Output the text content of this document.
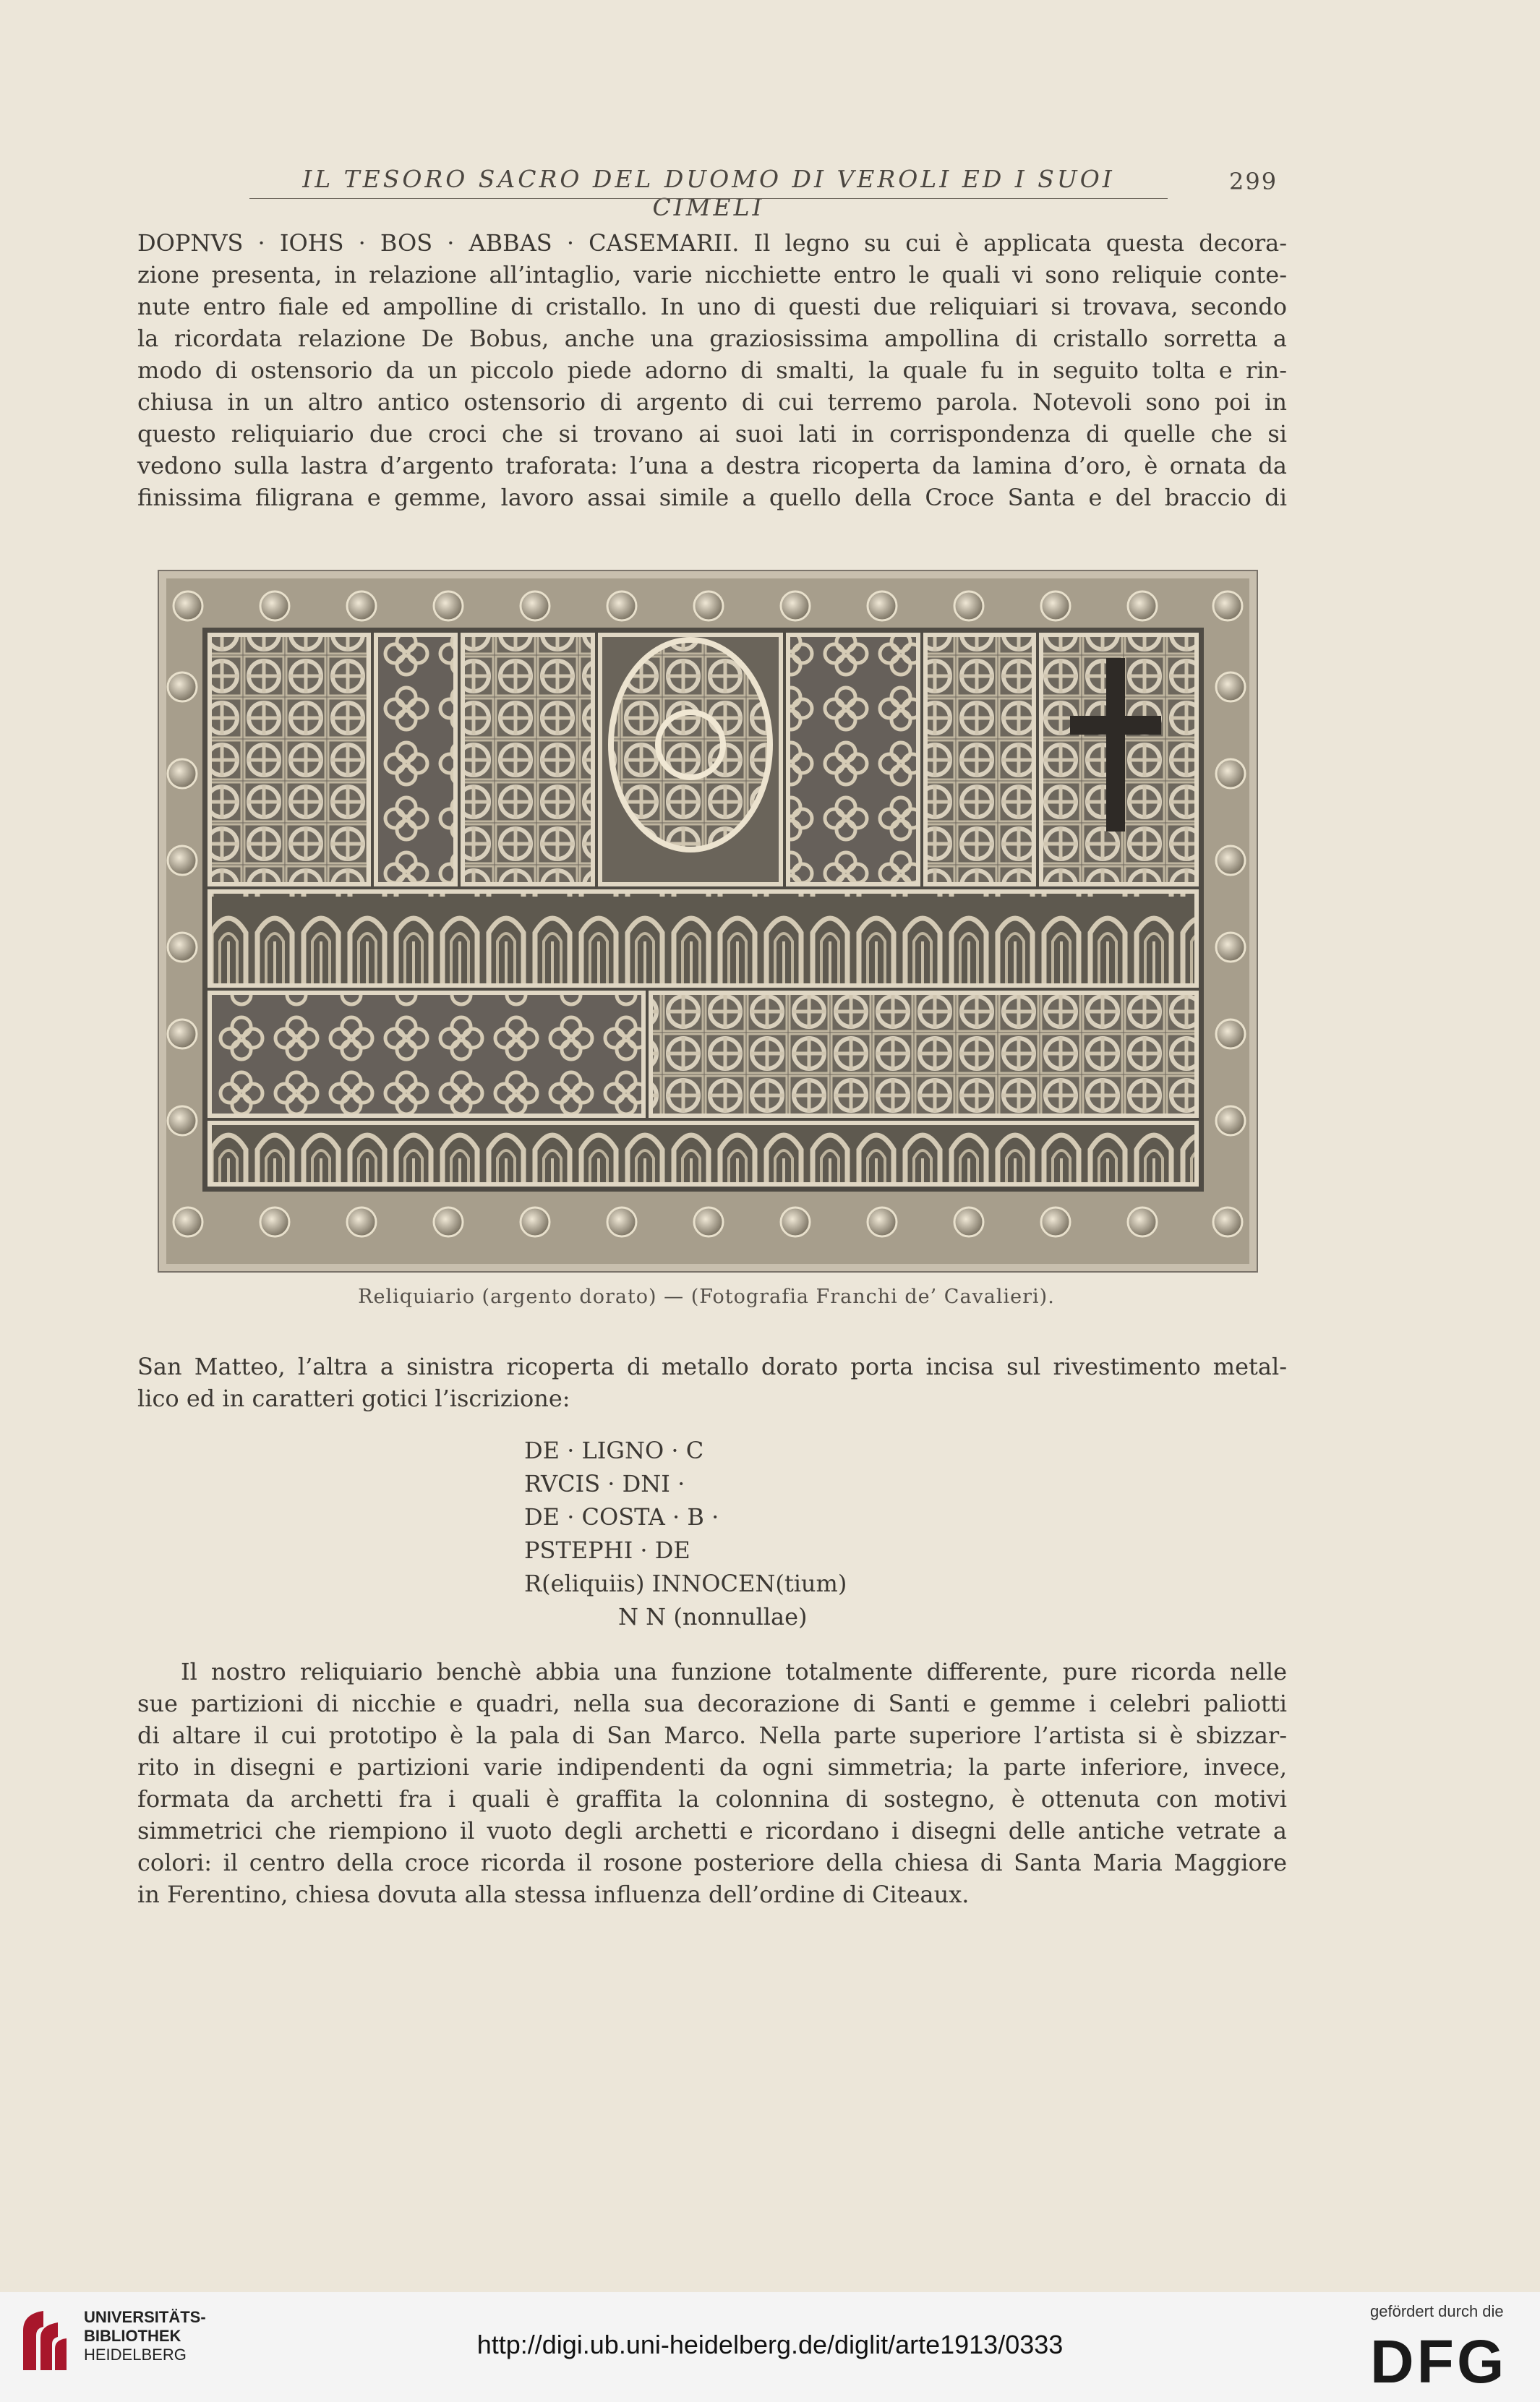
IL TESORO SACRO DEL DUOMO DI VEROLI ED I SUOI CIMELI
299
DOPNVS · IOHS · BOS · ABBAS · CASEMARII. Il legno su cui è applicata questa decora-
zione presenta, in relazione all’intaglio, varie nicchiette entro le quali vi sono reliquie conte-
nute entro fiale ed ampolline di cristallo. In uno di questi due reliquiari si trovava, secondo
la ricordata relazione De Bobus, anche una graziosissima ampollina di cristallo sorretta a
modo di ostensorio da un piccolo piede adorno di smalti, la quale fu in seguito tolta e rin-
chiusa in un altro antico ostensorio di argento di cui terremo parola. Notevoli sono poi in
questo reliquiario due croci che si trovano ai suoi lati in corrispondenza di quelle che si
vedono sulla lastra d’argento traforata: l’una a destra ricoperta da lamina d’oro, è ornata da
finissima filigrana e gemme, lavoro assai simile a quello della Croce Santa e del braccio di
Reliquiario (argento dorato) — (Fotografia Franchi de’ Cavalieri).
San Matteo, l’altra a sinistra ricoperta di metallo dorato porta incisa sul rivestimento metal-
lico ed in caratteri gotici l’iscrizione:
DE · LIGNO · C
RVCIS · DNI ·
DE · COSTA · B ·
PSTEPHI · DE
R(eliquiis) INNOCEN(tium)
N N (nonnullae)
Il nostro reliquiario benchè abbia una funzione totalmente differente, pure ricorda nelle
sue partizioni di nicchie e quadri, nella sua decorazione di Santi e gemme i celebri paliotti
di altare il cui prototipo è la pala di San Marco. Nella parte superiore l’artista si è sbizzar-
rito in disegni e partizioni varie indipendenti da ogni simmetria; la parte inferiore, invece,
formata da archetti fra i quali è graffita la colonnina di sostegno, è ottenuta con motivi
simmetrici che riempiono il vuoto degli archetti e ricordano i disegni delle antiche vetrate a
colori: il centro della croce ricorda il rosone posteriore della chiesa di Santa Maria Maggiore
in Ferentino, chiesa dovuta alla stessa influenza dell’ordine di Citeaux.
UNIVERSITÄTS-
BIBLIOTHEK
HEIDELBERG	http://digi.ub.uni-heidelberg.de/diglit/arte1913/0333
gefördert durch die
DFG
